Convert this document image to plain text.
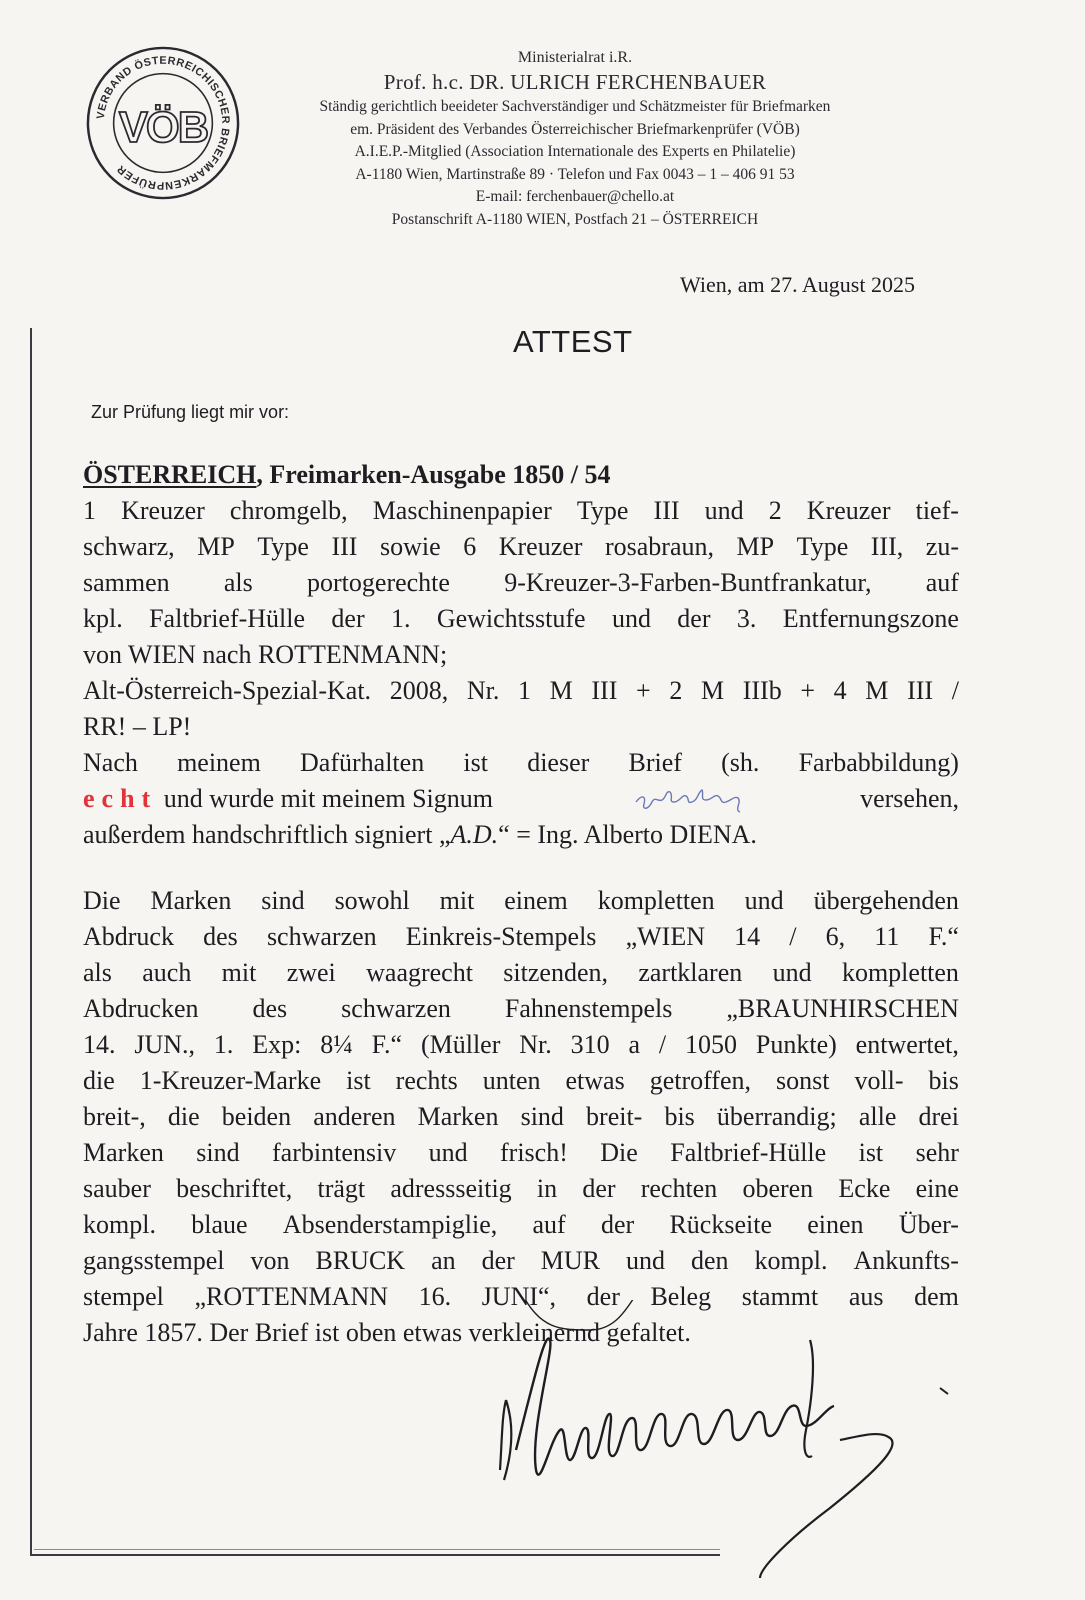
VERBAND ÖSTERREICHISCHER BRIEFMARKENPRÜFER
VÖB
Ministerialrat i.R.
Prof. h.c. DR. ULRICH FERCHENBAUER
Ständig gerichtlich beeideter Sachverständiger und Schätzmeister für Briefmarken
em. Präsident des Verbandes Österreichischer Briefmarkenprüfer (VÖB)
A.I.E.P.-Mitglied (Association Internationale des Experts en Philatelie)
A-1180 Wien, Martinstraße 89 · Telefon und Fax 0043 – 1 – 406 91 53
E-mail: ferchenbauer@chello.at
Postanschrift A-1180 WIEN, Postfach 21 – ÖSTERREICH
Wien, am 27. August 2025
ATTEST
Zur Prüfung liegt mir vor:
ÖSTERREICH , Freimarken-Ausgabe 1850 / 54
1 Kreuzer chromgelb, Maschinenpapier Type III und 2 Kreuzer tief-
schwarz, MP Type III sowie 6 Kreuzer rosabraun, MP Type III, zu-
sammen als portogerechte 9-Kreuzer-3-Farben-Buntfrankatur, auf
kpl. Faltbrief-Hülle der 1. Gewichtsstufe und der 3. Entfernungszone
von WIEN nach ROTTENMANN;
Alt-Österreich-Spezial-Kat. 2008, Nr. 1 M III + 2 M IIIb + 4 M III /
RR! – LP!
Nach meinem Dafürhalten ist dieser Brief (sh. Farbabbildung)
echt und wurde mit meinem Signum	versehen,
außerdem handschriftlich signiert „ A.D. “ = Ing. Alberto DIENA.
Die Marken sind sowohl mit einem kompletten und übergehenden
Abdruck des schwarzen Einkreis-Stempels „WIEN 14 / 6, 11 F.“
als auch mit zwei waagrecht sitzenden, zartklaren und kompletten
Abdrucken des schwarzen Fahnenstempels „BRAUNHIRSCHEN
14. JUN., 1. Exp: 8¼ F.“ (Müller Nr. 310 a / 1050 Punkte) entwertet,
die 1-Kreuzer-Marke ist rechts unten etwas getroffen, sonst voll- bis
breit-, die beiden anderen Marken sind breit- bis überrandig; alle drei
Marken sind farbintensiv und frisch! Die Faltbrief-Hülle ist sehr
sauber beschriftet, trägt adressseitig in der rechten oberen Ecke eine
kompl. blaue Absenderstampiglie, auf der Rückseite einen Über-
gangsstempel von BRUCK an der MUR und den kompl. Ankunfts-
stempel „ROTTENMANN 16. JUNI“, der Beleg stammt aus dem
Jahre 1857. Der Brief ist oben etwas verkleinernd gefaltet.
